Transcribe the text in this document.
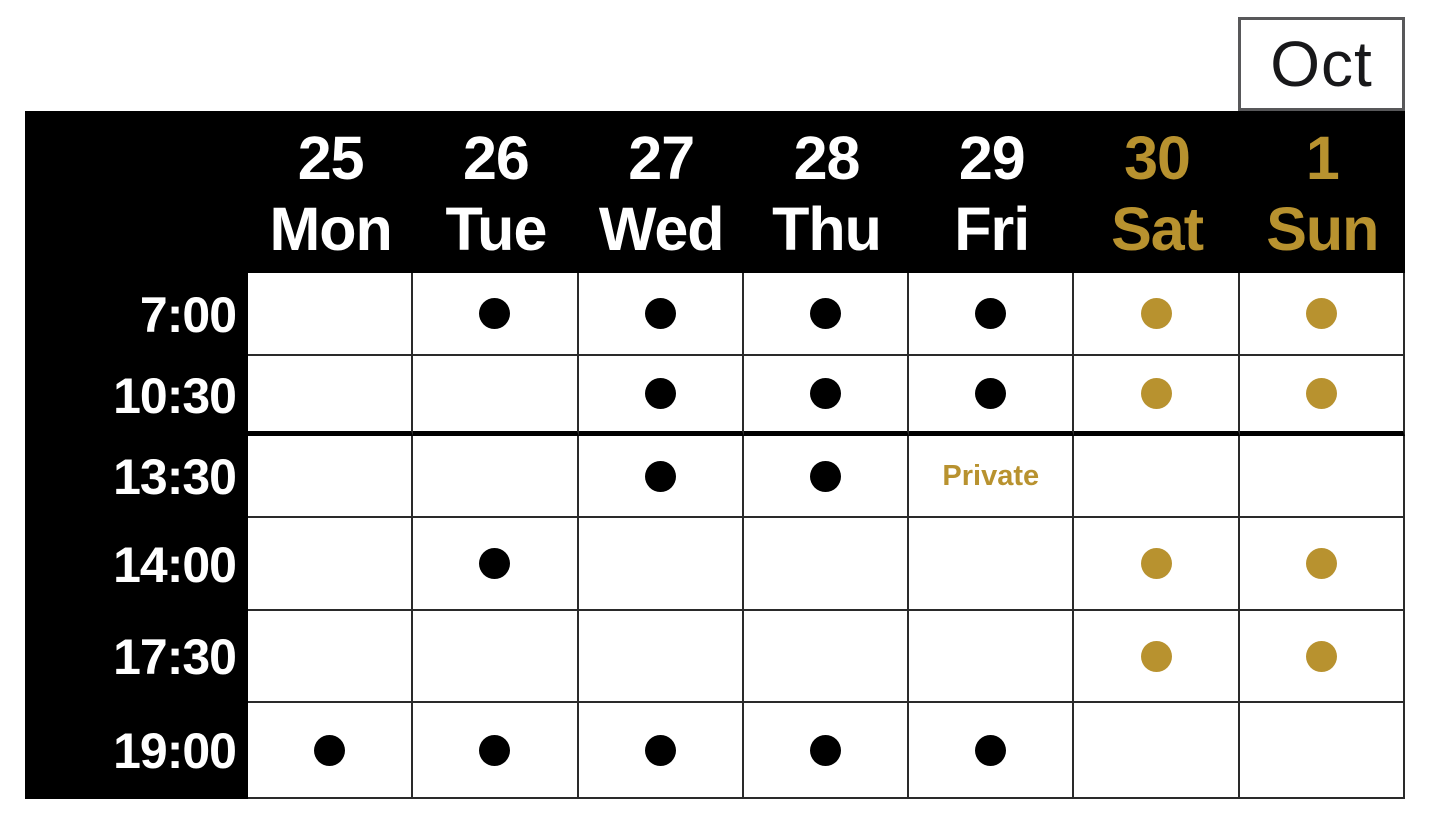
Oct
25
Mon
26
Tue
27
Wed
28
Thu
29
Fri
30
Sat
1
Sun
7:00
10:30
13:30	Private
14:00
17:30
19:00
